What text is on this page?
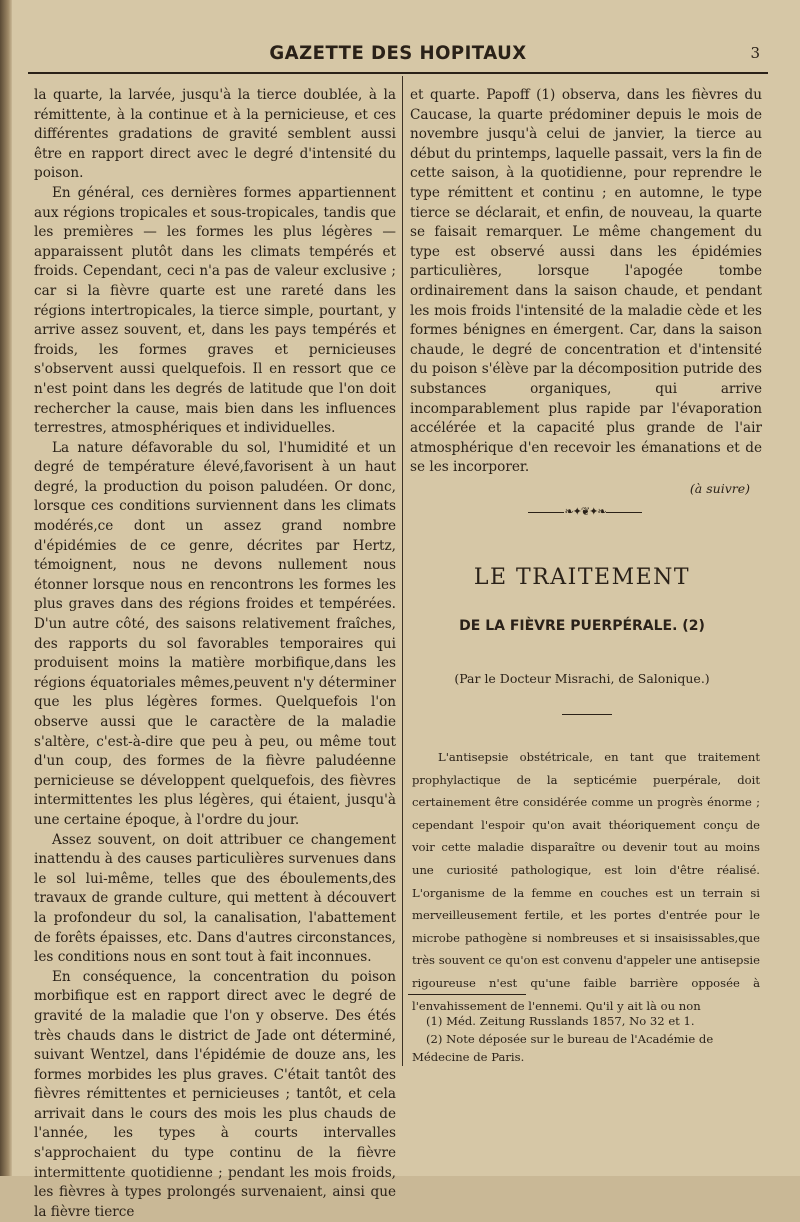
GAZETTE DES HOPITAUX	3

la quarte, la larvée, jusqu'à la tierce doublée, à la rémittente, à la continue et à la pernicieuse, et ces différentes gradations de gravité semblent aussi être en rapport direct avec le degré d'intensité du poison.

En général, ces dernières formes appartiennent aux régions tropicales et sous-tropicales, tandis que les premières — les formes les plus légères — apparaissent plutôt dans les climats tempérés et froids. Cependant, ceci n'a pas de valeur exclusive ; car si la fièvre quarte est une rareté dans les régions intertropicales, la tierce simple, pourtant, y arrive assez souvent, et, dans les pays tempérés et froids, les formes graves et pernicieuses s'observent aussi quelquefois. Il en ressort que ce n'est point dans les degrés de latitude que l'on doit rechercher la cause, mais bien dans les influences terrestres, atmosphériques et individuelles.

La nature défavorable du sol, l'humidité et un degré de température élevé,favorisent à un haut degré, la production du poison paludéen. Or donc, lorsque ces conditions surviennent dans les climats modérés,ce dont un assez grand nombre d'épidémies de ce genre, décrites par Hertz, témoignent, nous ne devons nullement nous étonner lorsque nous en rencontrons les formes les plus graves dans des régions froides et tempérées. D'un autre côté, des saisons relativement fraîches, des rapports du sol favorables temporaires qui produisent moins la matière morbifique,dans les régions équatoriales mêmes,peuvent n'y déterminer que les plus légères formes. Quelquefois l'on observe aussi que le caractère de la maladie s'altère, c'est-à-dire que peu à peu, ou même tout d'un coup, des formes de la fièvre paludéenne pernicieuse se développent quelquefois, des fièvres intermittentes les plus légères, qui étaient, jusqu'à une certaine époque, à l'ordre du jour.

Assez souvent, on doit attribuer ce changement inattendu à des causes particulières survenues dans le sol lui-même, telles que des éboulements,des travaux de grande culture, qui mettent à découvert la profondeur du sol, la canalisation, l'abattement de forêts épaisses, etc. Dans d'autres circonstances, les conditions nous en sont tout à fait inconnues.

En conséquence, la concentration du poison morbifique est en rapport direct avec le degré de gravité de la maladie que l'on y observe. Des étés très chauds dans le district de Jade ont déterminé, suivant Wentzel, dans l'épidémie de douze ans, les formes morbides les plus graves. C'était tantôt des fièvres rémittentes et pernicieuses ; tantôt, et cela arrivait dans le cours des mois les plus chauds de l'année, les types à courts intervalles s'approchaient du type continu de la fièvre intermittente quotidienne ; pendant les mois froids, les fièvres à types prolongés survenaient, ainsi que la fièvre tierce

et quarte. Papoff (1) observa, dans les fièvres du Caucase, la quarte prédominer depuis le mois de novembre jusqu'à celui de janvier, la tierce au début du printemps, laquelle passait, vers la fin de cette saison, à la quotidienne, pour reprendre le type rémittent et continu ; en automne, le type tierce se déclarait, et enfin, de nouveau, la quarte se faisait remarquer. Le même changement du type est observé aussi dans les épidémies particulières, lorsque l'apogée tombe ordinairement dans la saison chaude, et pendant les mois froids l'intensité de la maladie cède et les formes bénignes en émergent. Car, dans la saison chaude, le degré de concentration et d'intensité du poison s'élève par la décomposition putride des substances organiques, qui arrive incomparablement plus rapide par l'évaporation accélérée et la capacité plus grande de l'air atmosphérique d'en recevoir les émanations et de se les incorporer.

(à suivre)
❧✦❦✦❧
LE TRAITEMENT
DE LA FIÈVRE PUERPÉRALE. (2)
(Par le Docteur Misrachi, de Salonique.)

L'antisepsie obstétricale, en tant que traitement prophylactique de la septicémie puerpérale, doit certainement être considérée comme un progrès énorme ; cependant l'espoir qu'on avait théoriquement conçu de voir cette maladie disparaître ou devenir tout au moins une curiosité pathologique, est loin d'être réalisé. L'organisme de la femme en couches est un terrain si merveilleusement fertile, et les portes d'entrée pour le microbe pathogène si nombreuses et si insaisissables,que très souvent ce qu'on est convenu d'appeler une antisepsie rigoureuse n'est qu'une faible barrière opposée à l'envahissement de l'ennemi. Qu'il y ait là ou non

(1) Méd. Zeitung Russlands 1857, No 32 et 1.
(2) Note déposée sur le bureau de l'Académie de Médecine de Paris.
